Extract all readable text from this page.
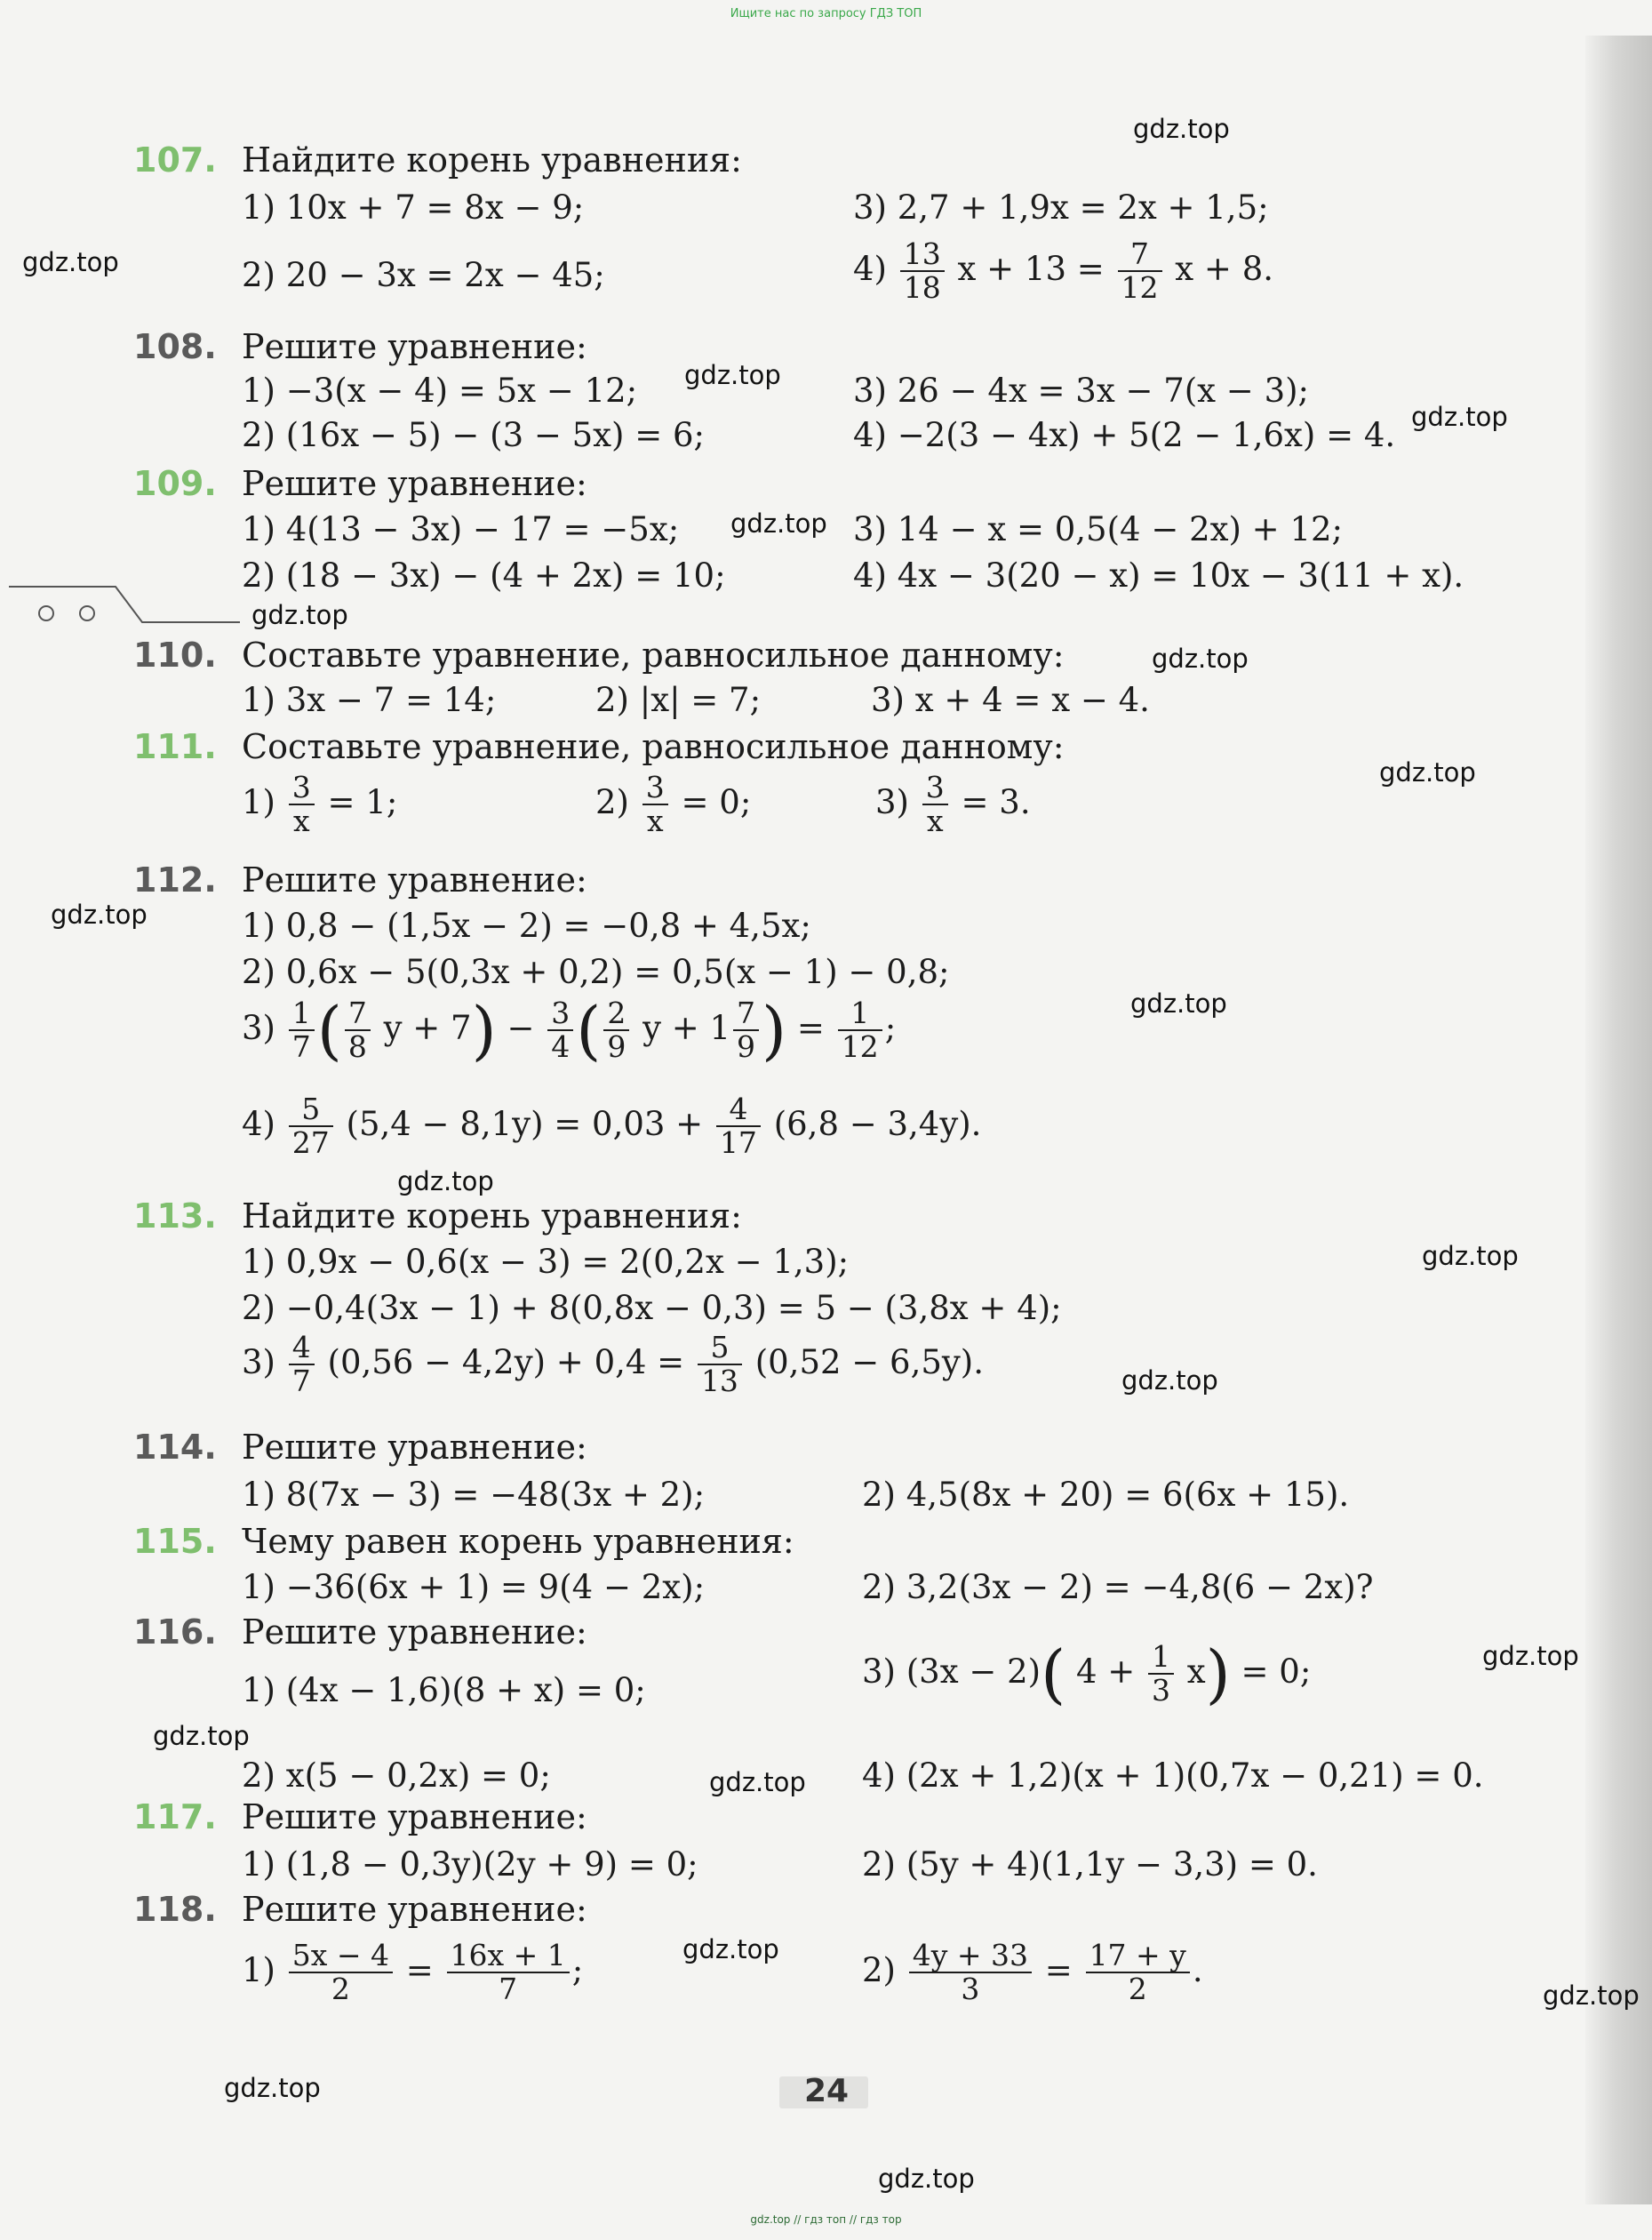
Ищите нас по запросу ГДЗ ТОП
107. Найдите корень уравнения:
1) 10x + 7 = 8x − 9;	3) 2,7 + 1,9x = 2x + 1,5;
2) 20 − 3x = 2x − 45;	$4) \frac{13}{18}$ $x + 13 = \frac{7}{12}$ x + 8.
108. Решите уравнение:
1) −3(x − 4) = 5x − 12;	3) 26 − 4x = 3x − 7(x − 3);
2) (16x − 5) − (3 − 5x) = 6;	4) −2(3 − 4x) + 5(2 − 1,6x) = 4.
109. Решите уравнение:
1) 4(13 − 3x) − 17 = −5x;	3) 14 − x = 0,5(4 − 2x) + 12;
2) (18 − 3x) − (4 + 2x) = 10;	4) 4x − 3(20 − x) = 10x − 3(11 + x).
110. Составьте уравнение, равносильное данному:
1) 3x − 7 = 14;	2) |x| = 7;	3) x + 4 = x − 4.
111. Составьте уравнение, равносильное данному:
$1) \frac{3}{x} = 1$;	$2) \frac{3}{x} = 0$;	$3) \frac{3}{x} = 3$.
112. Решите уравнение:
1) 0,8 − (1,5x − 2) = −0,8 + 4,5x;
2) 0,6x − 5(0,3x + 0,2) = 0,5(x − 1) − 0,8;
$3) \frac{1}{7}$ ( $\frac{7}{8}$ $y + 7) - \frac{3}{4}$ ( $\frac{2}{9}$ $y + 1 \frac{7}{9}$ ) = $\frac{1}{12}$ ;
$4) \frac{5}{27} (5,4 - 8,1y) = 0,03 + \frac{4}{17} (6,8 - 3,4y)$.
113. Найдите корень уравнения:
1) 0,9x − 0,6(x − 3) = 2(0,2x − 1,3);
2) −0,4(3x − 1) + 8(0,8x − 0,3) = 5 − (3,8x + 4);
$3) \frac{4}{7} (0,56 - 4,2y) + 0,4 = \frac{5}{13} (0,52 - 6,5y)$.
114. Решите уравнение:
1) 8(7x − 3) = −48(3x + 2);	2) 4,5(8x + 20) = 6(6x + 15).
115. Чему равен корень уравнения:
1) −36(6x + 1) = 9(4 − 2x);	2) 3,2(3x − 2) = −4,8(6 − 2x)?
116. Решите уравнение:
1) (4x − 1,6)(8 + x) = 0;	3) (3x − 2)( $4 + \frac{1}{3} x) = 0$;
2) x(5 − 0,2x) = 0;	4) (2x + 1,2)(x + 1)(0,7x − 0,21) = 0.
117. Решите уравнение:
1) (1,8 − 0,3y)(2y + 9) = 0;	2) (5y + 4)(1,1y − 3,3) = 0.
118. Решите уравнение:
$1) \frac{5x - 4}{2} = \frac{16x + 1}{7}$ ;	$2) \frac{4y + 33}{3} = \frac{17 + y}{2}$ .
24
gdz.top
gdz.top
gdz.top
gdz.top
gdz.top
gdz.top
gdz.top
gdz.top
gdz.top
gdz.top
gdz.top
gdz.top
gdz.top
gdz.top
gdz.top
gdz.top
gdz.top
gdz.top
gdz.top
gdz.top
gdz.top // гдз топ // гдз тор
